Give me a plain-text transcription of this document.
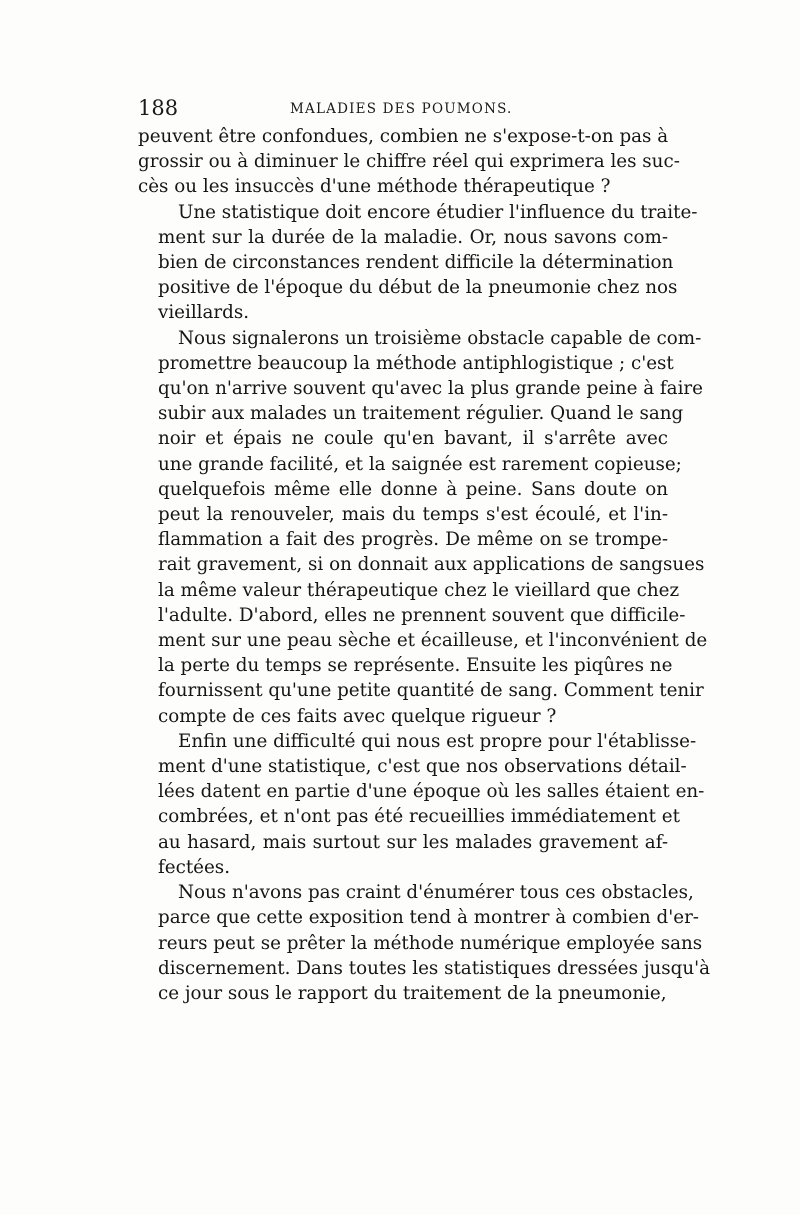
188	MALADIES DES POUMONS.
peuvent être confondues, combien ne s'expose-t-on pas à
grossir ou à diminuer le chiffre réel qui exprimera les suc-
cès ou les insuccès d'une méthode thérapeutique ?
Une statistique doit encore étudier l'influence du traite-
ment sur la durée de la maladie. Or, nous savons com-
bien de circonstances rendent difficile la détermination
positive de l'époque du début de la pneumonie chez nos
vieillards.
Nous signalerons un troisième obstacle capable de com-
promettre beaucoup la méthode antiphlogistique ; c'est
qu'on n'arrive souvent qu'avec la plus grande peine à faire
subir aux malades un traitement régulier. Quand le sang
noir et épais ne coule qu'en bavant, il s'arrête avec
une grande facilité, et la saignée est rarement copieuse;
quelquefois même elle donne à peine. Sans doute on
peut la renouveler, mais du temps s'est écoulé, et l'in-
flammation a fait des progrès. De même on se trompe-
rait gravement, si on donnait aux applications de sangsues
la même valeur thérapeutique chez le vieillard que chez
l'adulte. D'abord, elles ne prennent souvent que difficile-
ment sur une peau sèche et écailleuse, et l'inconvénient de
la perte du temps se représente. Ensuite les piqûres ne
fournissent qu'une petite quantité de sang. Comment tenir
compte de ces faits avec quelque rigueur ?
Enfin une difficulté qui nous est propre pour l'établisse-
ment d'une statistique, c'est que nos observations détail-
lées datent en partie d'une époque où les salles étaient en-
combrées, et n'ont pas été recueillies immédiatement et
au hasard, mais surtout sur les malades gravement af-
fectées.
Nous n'avons pas craint d'énumérer tous ces obstacles,
parce que cette exposition tend à montrer à combien d'er-
reurs peut se prêter la méthode numérique employée sans
discernement. Dans toutes les statistiques dressées jusqu'à
ce jour sous le rapport du traitement de la pneumonie,
